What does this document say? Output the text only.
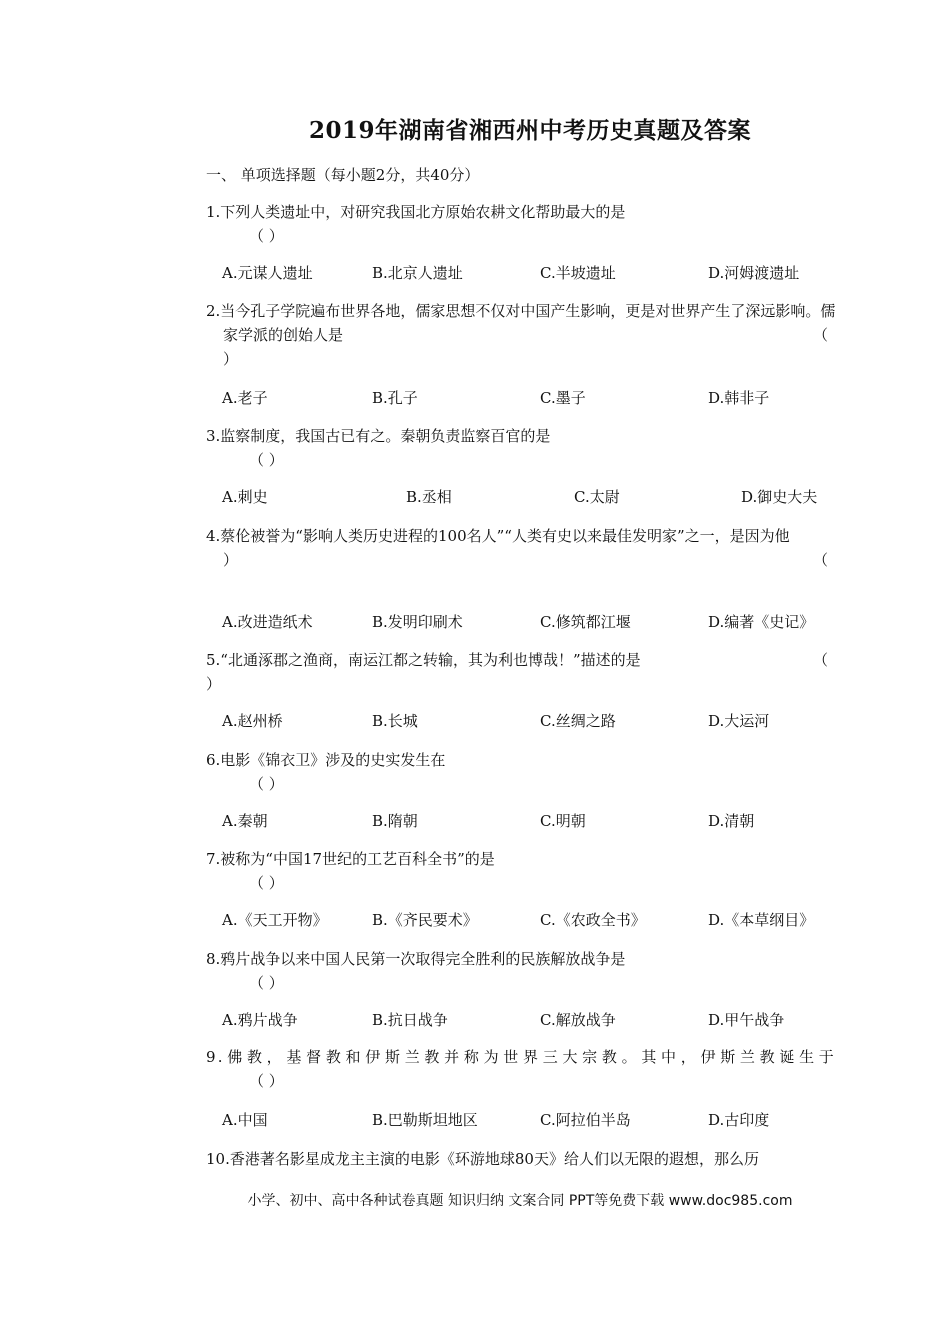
2019年湖南省湘西州中考历史真题及答案
一、 单项选择题（每小题2分，共40分）

1.下列人类遗址中，对研究我国北方原始农耕文化帮助最大的是

（ ）

A.元谋人遗址	B.北京人遗址	C.半坡遗址	D.河姆渡遗址

2.当今孔子学院遍布世界各地，儒家思想不仅对中国产生影响，更是对世界产生了深远影响。儒家学派的创始人是	（

）

A.老子	B.孔子	C.墨子	D.韩非子

3.监察制度，我国古已有之。秦朝负责监察百官的是

（ ）

A.刺史	B.丞相	C.太尉	D.御史大夫

4.蔡伦被誉为“影响人类历史进程的100名人”“人类有史以来最佳发明家”之一，是因为他

（

）

A.改进造纸术	B.发明印刷术	C.修筑都江堰	D.编著《史记》

5.“北通涿郡之渔商，南运江都之转输，其为利也博哉！”描述的是	（

）

A.赵州桥	B.长城	C.丝绸之路	D.大运河

6.电影《锦衣卫》涉及的史实发生在

（ ）

A.秦朝	B.隋朝	C.明朝	D.清朝

7.被称为“中国17世纪的工艺百科全书”的是

（ ）

A.《天工开物》	B.《齐民要术》	C.《农政全书》	D.《本草纲目》

8.鸦片战争以来中国人民第一次取得完全胜利的民族解放战争是

（ ）

A.鸦片战争	B.抗日战争	C.解放战争	D.甲午战争

9.佛教，基督教和伊斯兰教并称为世界三大宗教。其中，伊斯兰教诞生于

（ ）

A.中国	B.巴勒斯坦地区	C.阿拉伯半岛	D.古印度

10.香港著名影星成龙主主演的电影《环游地球80天》给人们以无限的遐想，那么历

小学、初中、高中各种试卷真题 知识归纳 文案合同 PPT等免费下载 www.doc985.com
